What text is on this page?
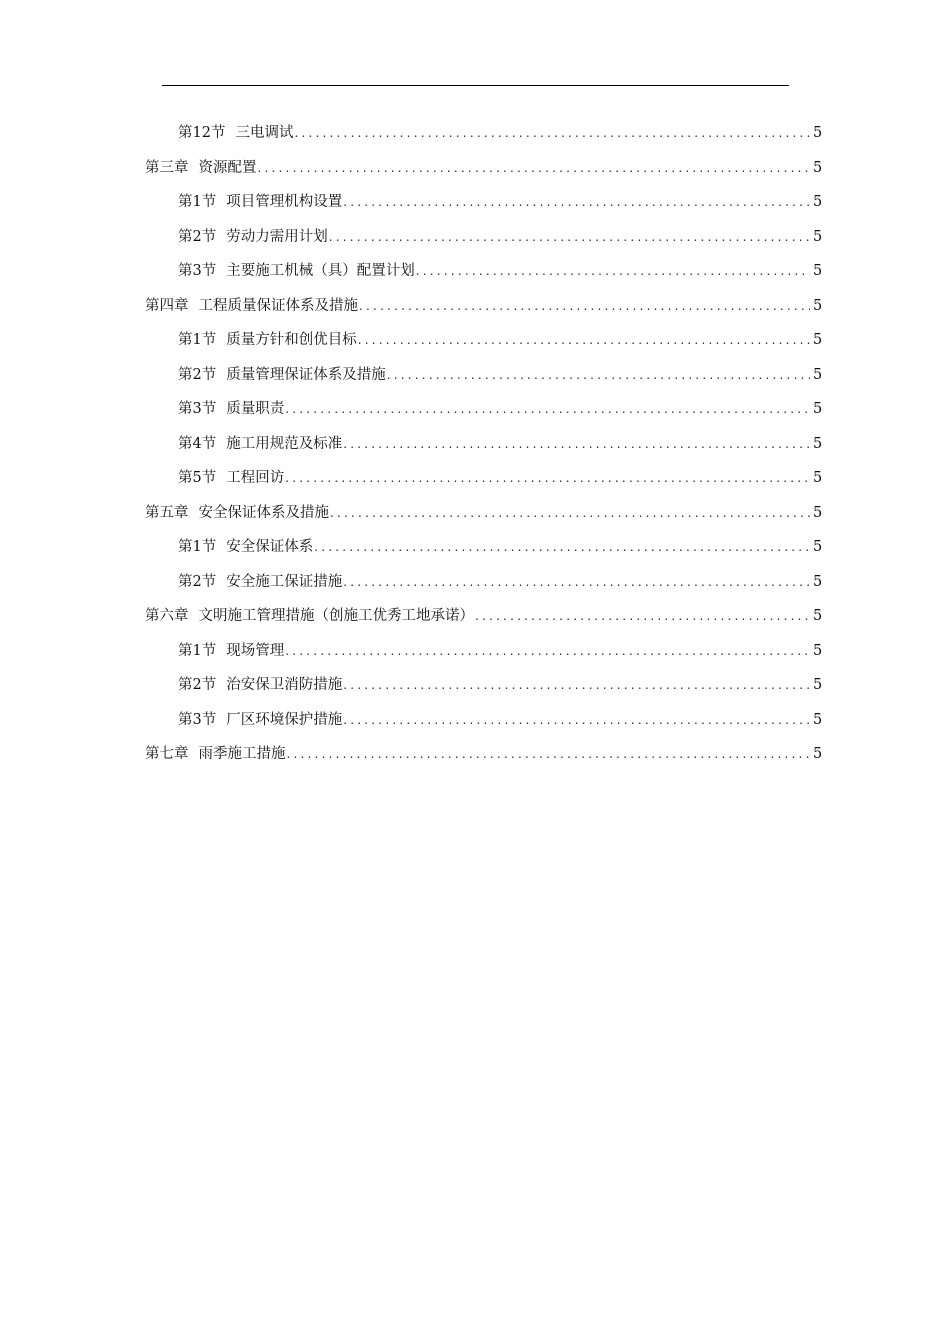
第12节 三电调试 .....	5
第三章 资源配置 .....	5
第1节 项目管理机构设置 .....	5
第2节 劳动力需用计划 .....	5
第3节 主要施工机械（具）配置计划 .....	5
第四章 工程质量保证体系及措施 .....	5
第1节 质量方针和创优目标 .....	5
第2节 质量管理保证体系及措施 .....	5
第3节 质量职责 .....	5
第4节 施工用规范及标准 .....	5
第5节 工程回访 .....	5
第五章 安全保证体系及措施 .....	5
第1节 安全保证体系 .....	5
第2节 安全施工保证措施 .....	5
第六章 文明施工管理措施（创施工优秀工地承诺） .....	5
第1节 现场管理 .....	5
第2节 治安保卫消防措施 .....	5
第3节 厂区环境保护措施 .....	5
第七章 雨季施工措施 .....	5
